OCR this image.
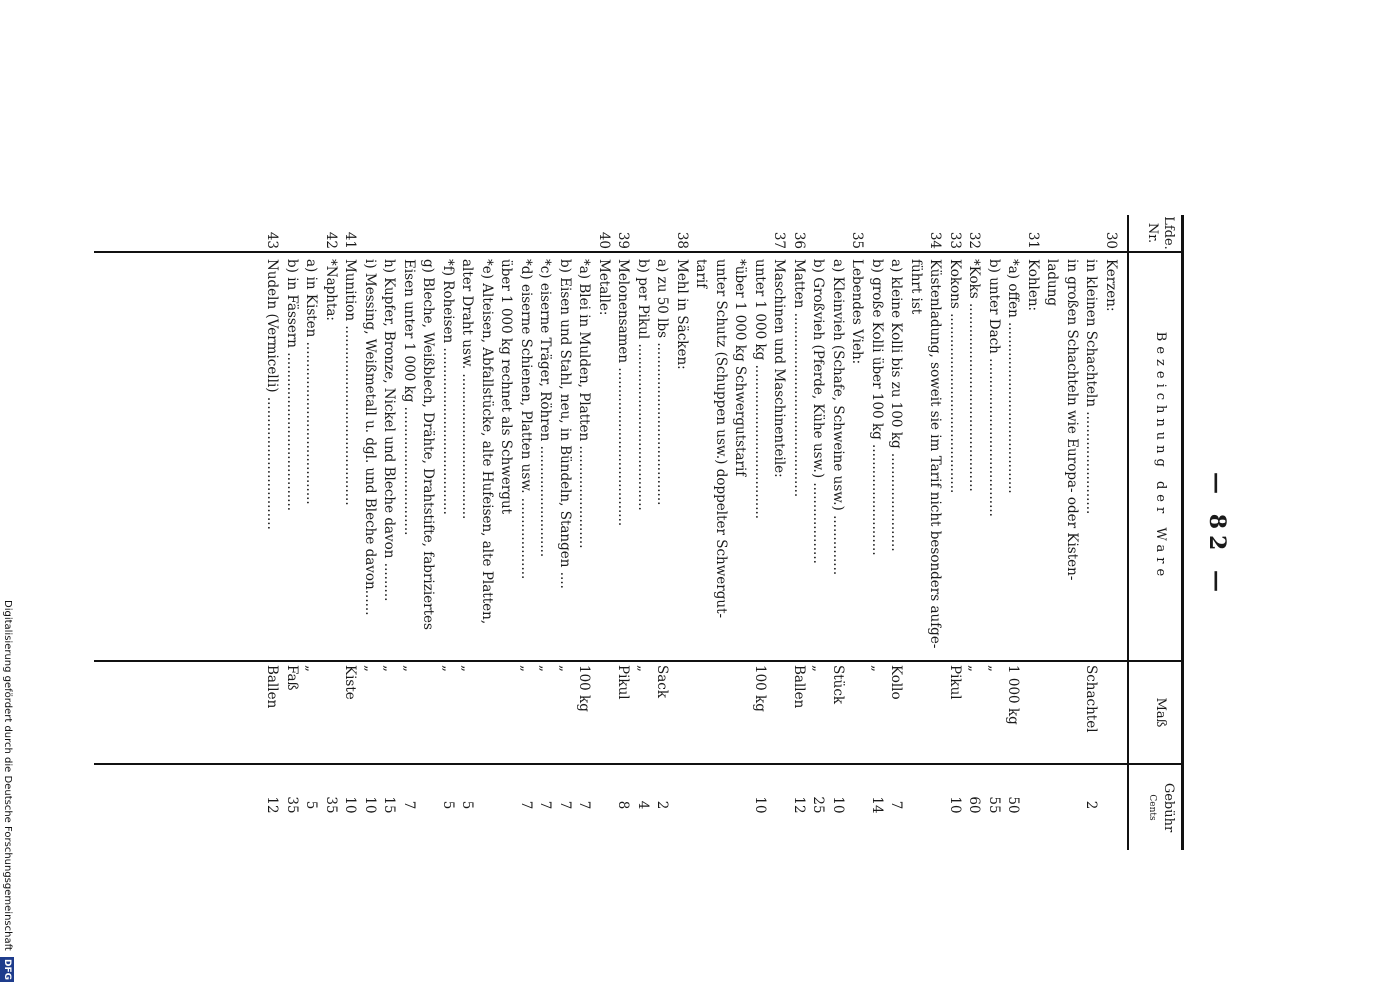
— 82 —
Lfde. Nr.
Bezeichnung der Ware
Maß
Gebühr
Cents
30
Kerzen:
in kleinen Schachteln ........................
Schachtel
2
in großen Schachteln wie Europa- oder Kisten-
ladung
31
Kohlen:
*a) offen ........................................
1 000 kg
50
b) unter Dach .....................................
„
55
32
*Koks ............................................
„
60
33
Kokons ..........................................
Pikul
10
34
Küstenladung, soweit sie im Tarif nicht besonders aufge-
führt ist
a) kleine Kolli bis zu 100 kg .......................
Kollo
7
b) große Kolli über 100 kg ..........................
„
14
35
Lebendes Vieh:
a) Kleinvieh (Schafe, Schweine usw.) ..............
Stück
10
b) Großvieh (Pferde, Kühe usw.) ...................
„
25
36
Matten ...........................................
Ballen
12
37
Maschinen und Maschinenteile:
unter 1 000 kg ....................................
100 kg
10
*über 1 000 kg Schwergutstarif
unter Schutz (Schuppen usw.) doppelter Schwergut-
tarif
38
Mehl in Säcken:
a) zu 50 lbs ......................................
Sack
2
b) per Pikul .......................................
„
4
39
Melonensamen .....................................
Pikul
8
40
Metalle:
*a) Blei in Mulden, Platten ........................
100 kg
7
b) Eisen und Stahl, neu, in Bündeln, Stangen ....
„
7
*c) eiserne Träger, Röhren ..........................
„
7
*d) eiserne Schienen, Platten usw. ...................
„
7
über 1 000 kg rechnet als Schwergut
*e) Alteisen, Abfallstücke, alte Hufeisen, alte Platten,
alter Draht usw. ..................................
„
5
*f) Roheisen .......................................
„
5
g) Bleche, Weißblech, Drähte, Drahtstifte, fabriziertes
Eisen unter 1 000 kg ..............................
„
7
h) Kupfer, Bronze, Nickel und Bleche davon .........
„
15
i) Messing, Weißmetall u. dgl. und Bleche davon......
„
10
41
Munition ..........................................
Kiste
10
42
*Naphta:
35
a) in Kisten ......................................
„
5
b) in Fässern .....................................
Faß
35
43
Nudeln (Vermicelli) ...............................
Ballen
12
Digitalisierung gefördert durch die Deutsche Forschungsgemeinschaft DFG
